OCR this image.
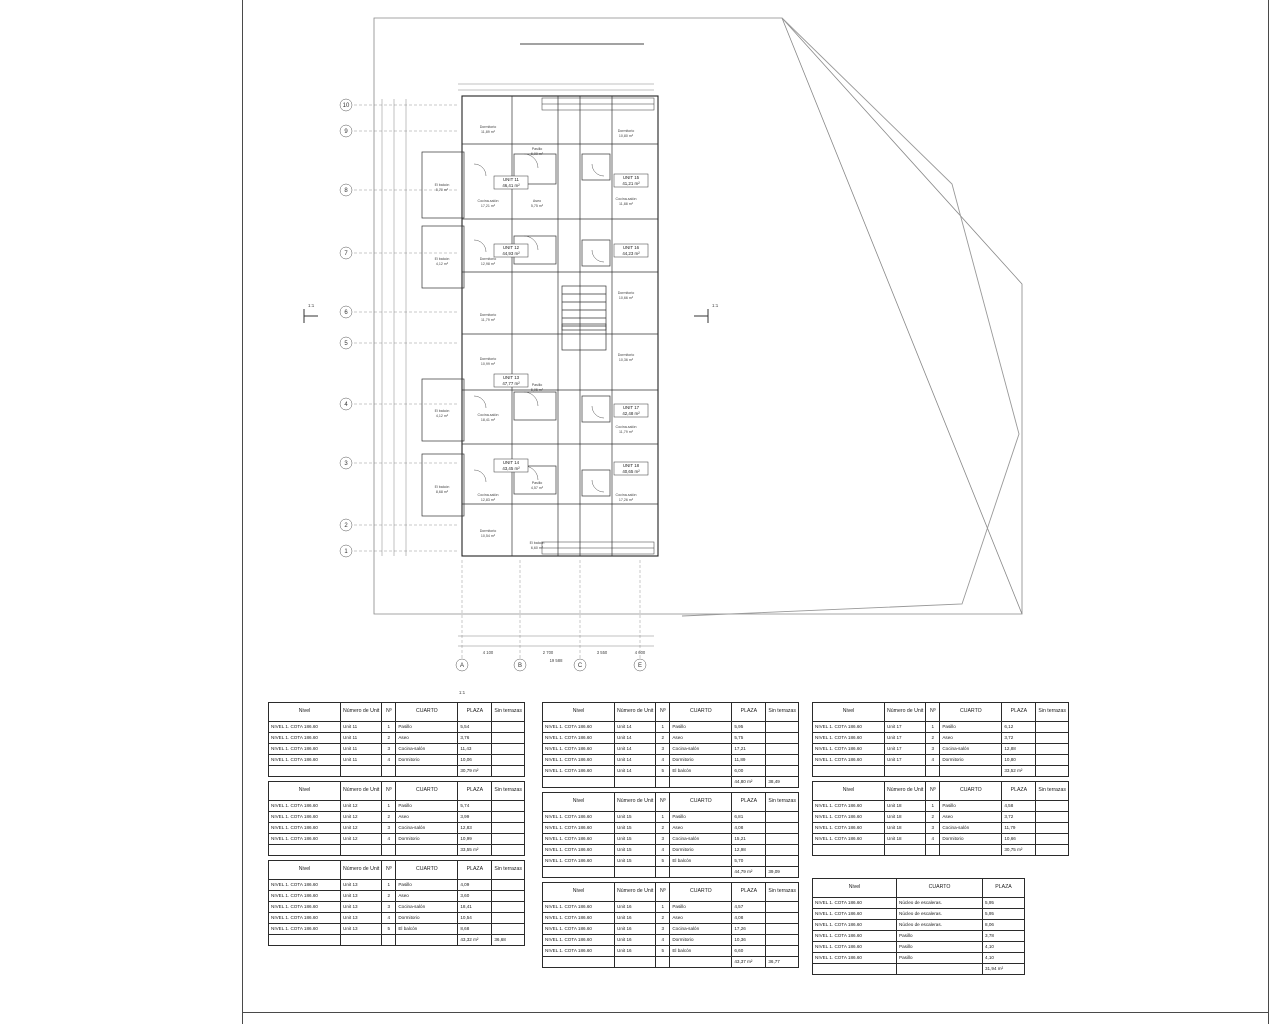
10
9
8
7
6
5
4
3
2
1
A	B	C	E
4 100	2 700	3 550	4 600
19 588
1:1	1:1
1:1
UNIT 11
46,41 m²
UNIT 12
44,93 m²
UNIT 13
47,77 m²
UNIT 14
43,45 m²
UNIT 15
41,21 m²
UNIT 16
44,23 m²
UNIT 17
42,48 m²
UNIT 18
40,65 m²
Dormitorio
11,89 m²
Pasillo
6,00 m²
Aseo
5,75 m²
Cocina-salón
17,21 m²
Dormitorio
12,98 m²
Dormitorio
11,79 m²
Dormitorio
10,99 m²
Cocina-salón
18,41 m²
Cocina-salón
12,83 m²
Dormitorio
10,54 m²
Pasillo
5,95 m²
Pasillo
4,57 m²
El balcón
6,60 m²
Dormitorio
10,80 m²
Cocina-salón
11,88 m²
Dormitorio
10,66 m²
Dormitorio
10,36 m²
Cocina-salón
11,79 m²
Cocina-salón
17,26 m²
El balcón
5,70 m²
El balcón
4,12 m²
El balcón
4,12 m²
El balcón
8,68 m²
Nivel	Número de Unit	Nº	CUARTO	PLAZA	Sin terrazas
NIVEL 1. COTA 186.60	Unit 11	1	Pasillo	5,54	
NIVEL 1. COTA 186.60	Unit 11	2	Aseo	3,76	
NIVEL 1. COTA 186.60	Unit 11	3	Cocina-salón	11,43	
NIVEL 1. COTA 186.60	Unit 11	4	Dormitorio	10,06	
				30,79 m²	
Nivel	Número de Unit	Nº	CUARTO	PLAZA	Sin terrazas
NIVEL 1. COTA 186.60	Unit 12	1	Pasillo	5,74	
NIVEL 1. COTA 186.60	Unit 12	2	Aseo	3,99	
NIVEL 1. COTA 186.60	Unit 12	3	Cocina-salón	12,83	
NIVEL 1. COTA 186.60	Unit 12	4	Dormitorio	10,99	
				33,55 m²	
Nivel	Número de Unit	Nº	CUARTO	PLAZA	Sin terrazas
NIVEL 1. COTA 186.60	Unit 13	1	Pasillo	4,09	
NIVEL 1. COTA 186.60	Unit 13	2	Aseo	3,60	
NIVEL 1. COTA 186.60	Unit 13	3	Cocina-salón	18,41	
NIVEL 1. COTA 186.60	Unit 13	4	Dormitorio	10,54	
NIVEL 1. COTA 186.60	Unit 13	5	El balcón	8,68	
				43,32 m²	36,68
Nivel	Número de Unit	Nº	CUARTO	PLAZA	Sin terrazas
NIVEL 1. COTA 186.60	Unit 14	1	Pasillo	5,95	
NIVEL 1. COTA 186.60	Unit 14	2	Aseo	5,75	
NIVEL 1. COTA 186.60	Unit 14	3	Cocina-salón	17,21	
NIVEL 1. COTA 186.60	Unit 14	4	Dormitorio	11,89	
NIVEL 1. COTA 186.60	Unit 14	5	El balcón	6,00	
				44,80 m²	38,49
Nivel	Número de Unit	Nº	CUARTO	PLAZA	Sin terrazas
NIVEL 1. COTA 186.60	Unit 15	1	Pasillo	6,81	
NIVEL 1. COTA 186.60	Unit 15	2	Aseo	4,08	
NIVEL 1. COTA 186.60	Unit 15	3	Cocina-salón	15,21	
NIVEL 1. COTA 186.60	Unit 15	4	Dormitorio	12,98	
NIVEL 1. COTA 186.60	Unit 15	5	El balcón	5,70	
				44,79 m²	39,09
Nivel	Número de Unit	Nº	CUARTO	PLAZA	Sin terrazas
NIVEL 1. COTA 186.60	Unit 16	1	Pasillo	4,57	
NIVEL 1. COTA 186.60	Unit 16	2	Aseo	4,08	
NIVEL 1. COTA 186.60	Unit 16	3	Cocina-salón	17,26	
NIVEL 1. COTA 186.60	Unit 16	4	Dormitorio	10,36	
NIVEL 1. COTA 186.60	Unit 16	5	El balcón	6,60	
				43,37 m²	36,77
Nivel	Número de Unit	Nº	CUARTO	PLAZA	Sin terrazas
NIVEL 1. COTA 186.60	Unit 17	1	Pasillo	6,12	
NIVEL 1. COTA 186.60	Unit 17	2	Aseo	3,72	
NIVEL 1. COTA 186.60	Unit 17	3	Cocina-salón	12,88	
NIVEL 1. COTA 186.60	Unit 17	4	Dormitorio	10,80	
				33,52 m²	
Nivel	Número de Unit	Nº	CUARTO	PLAZA	Sin terrazas
NIVEL 1. COTA 186.60	Unit 18	1	Pasillo	4,58	
NIVEL 1. COTA 186.60	Unit 18	2	Aseo	3,72	
NIVEL 1. COTA 186.60	Unit 18	3	Cocina-salón	11,79	
NIVEL 1. COTA 186.60	Unit 18	4	Dormitorio	10,66	
				30,75 m²	
Nivel	CUARTO	PLAZA
NIVEL 1. COTA 186.60	Núcleo de escaleras.	5,95
NIVEL 1. COTA 186.60	Núcleo de escaleras.	5,95
NIVEL 1. COTA 186.60	Núcleo de escaleras.	8,06
NIVEL 1. COTA 186.60	Pasillo	3,78
NIVEL 1. COTA 186.60	Pasillo	4,10
NIVEL 1. COTA 186.60	Pasillo	4,10
		31,94 m²
